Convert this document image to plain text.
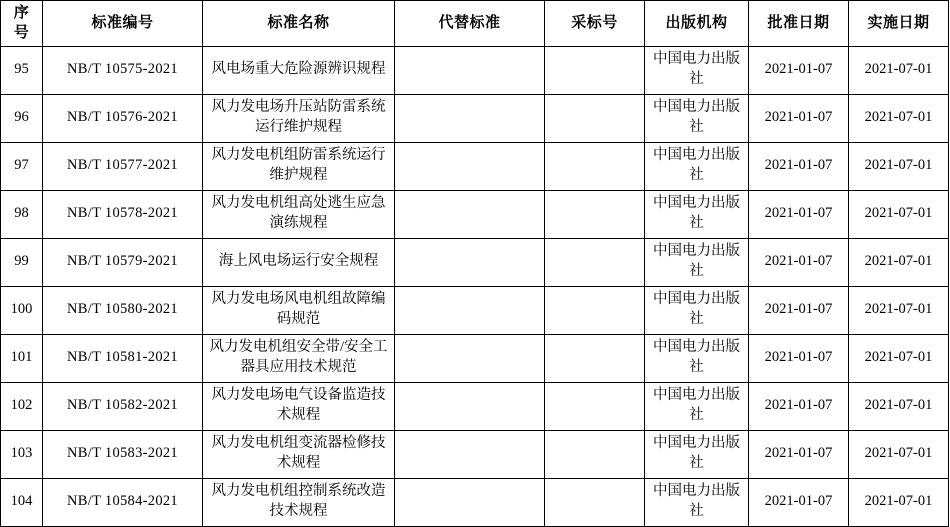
序
号	标准编号	标准名称	代替标准	采标号	出版机构	批准日期	实施日期
95	NB/T 10575-2021	风电场重大危险源辨识规程			中国电力出版社	2021-01-07	2021-07-01
96	NB/T 10576-2021	风力发电场升压站防雷系统运行维护规程			中国电力出版社	2021-01-07	2021-07-01
97	NB/T 10577-2021	风力发电机组防雷系统运行维护规程			中国电力出版社	2021-01-07	2021-07-01
98	NB/T 10578-2021	风力发电机组高处逃生应急演练规程			中国电力出版社	2021-01-07	2021-07-01
99	NB/T 10579-2021	海上风电场运行安全规程			中国电力出版社	2021-01-07	2021-07-01
100	NB/T 10580-2021	风力发电场风电机组故障编码规范			中国电力出版社	2021-01-07	2021-07-01
101	NB/T 10581-2021	风力发电机组安全带/安全工器具应用技术规范			中国电力出版社	2021-01-07	2021-07-01
102	NB/T 10582-2021	风力发电场电气设备监造技术规程			中国电力出版社	2021-01-07	2021-07-01
103	NB/T 10583-2021	风力发电机组变流器检修技术规程			中国电力出版社	2021-01-07	2021-07-01
104	NB/T 10584-2021	风力发电机组控制系统改造技术规程			中国电力出版社	2021-01-07	2021-07-01
